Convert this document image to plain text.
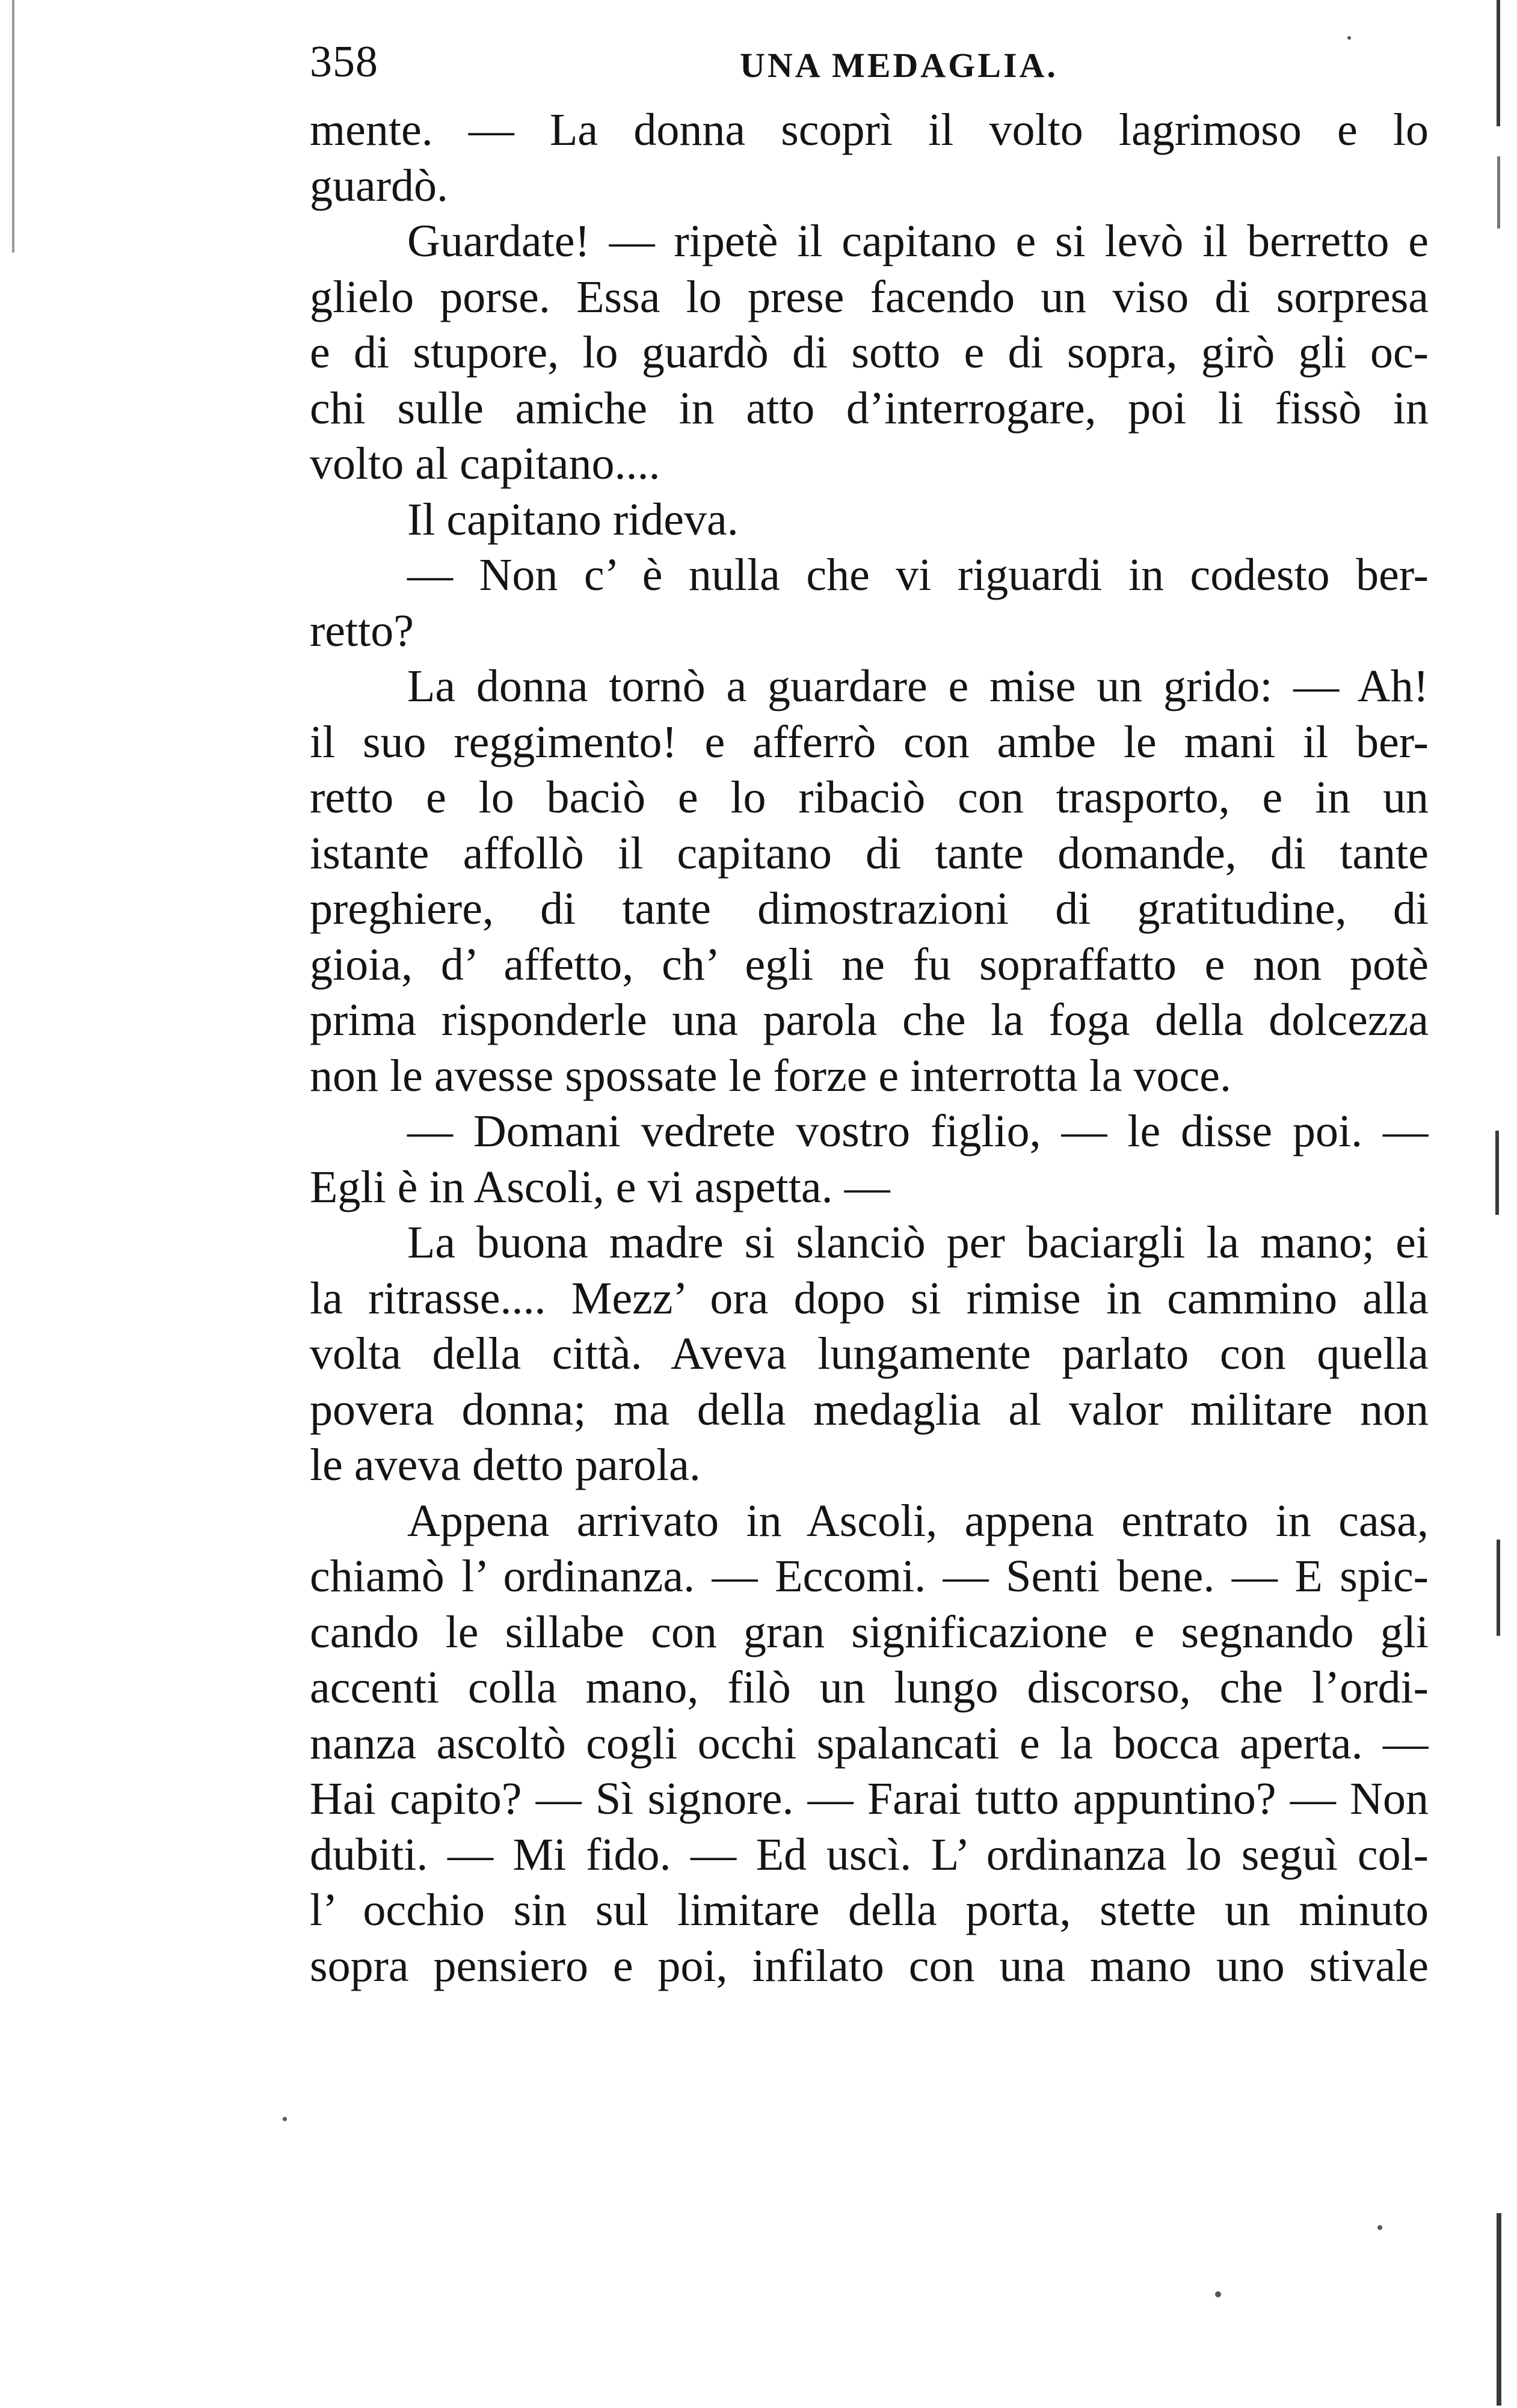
358	UNA MEDAGLIA.
mente. — La donna scoprì il volto lagrimoso e lo
guardò.
Guardate! — ripetè il capitano e si levò il berretto e
glielo porse. Essa lo prese facendo un viso di sorpresa
e di stupore, lo guardò di sotto e di sopra, girò gli oc-
chi sulle amiche in atto d’interrogare, poi li fissò in
volto al capitano....
Il capitano rideva.
— Non c’ è nulla che vi riguardi in codesto ber-
retto?
La donna tornò a guardare e mise un grido: — Ah!
il suo reggimento! e afferrò con ambe le mani il ber-
retto e lo baciò e lo ribaciò con trasporto, e in un
istante affollò il capitano di tante domande, di tante
preghiere, di tante dimostrazioni di gratitudine, di
gioia, d’ affetto, ch’ egli ne fu sopraffatto e non potè
prima risponderle una parola che la foga della dolcezza
non le avesse spossate le forze e interrotta la voce.
— Domani vedrete vostro figlio, — le disse poi. —
Egli è in Ascoli, e vi aspetta. —
La buona madre si slanciò per baciargli la mano; ei
la ritrasse.... Mezz’ ora dopo si rimise in cammino alla
volta della città. Aveva lungamente parlato con quella
povera donna; ma della medaglia al valor militare non
le aveva detto parola.
Appena arrivato in Ascoli, appena entrato in casa,
chiamò l’ ordinanza. — Eccomi. — Senti bene. — E spic-
cando le sillabe con gran significazione e segnando gli
accenti colla mano, filò un lungo discorso, che l’ordi-
nanza ascoltò cogli occhi spalancati e la bocca aperta. —
Hai capito? — Sì signore. — Farai tutto appuntino? — Non
dubiti. — Mi fido. — Ed uscì. L’ ordinanza lo seguì col-
l’ occhio sin sul limitare della porta, stette un minuto
sopra pensiero e poi, infilato con una mano uno stivale
